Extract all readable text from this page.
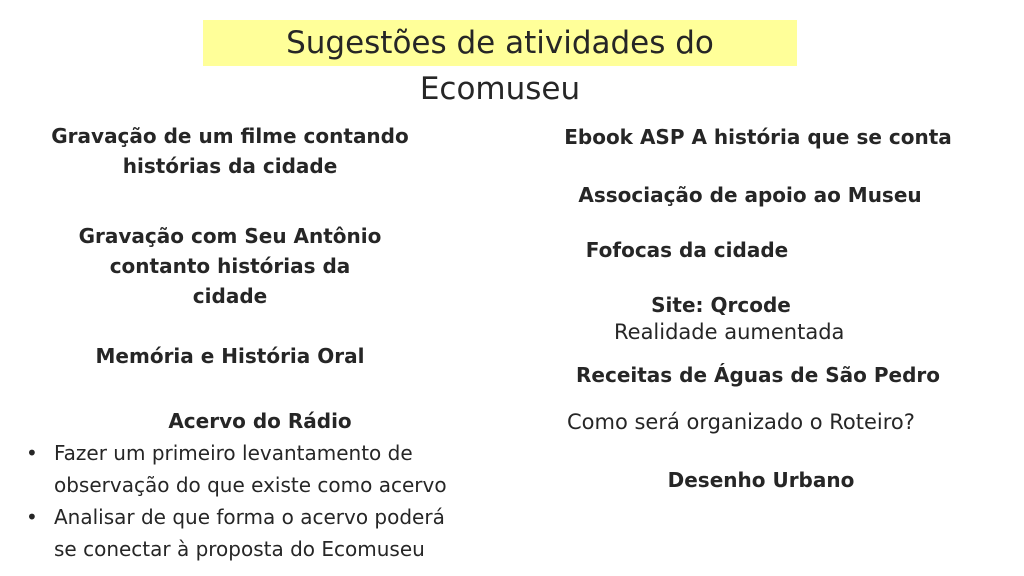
Sugestões de atividades do Ecomuseu
Gravação de um filme contando
histórias da cidade
Gravação com Seu Antônio
contanto histórias da
cidade
Memória e História Oral
Acervo do Rádio
• Fazer um primeiro levantamento de
observação do que existe como acervo
• Analisar de que forma o acervo poderá
se conectar à proposta do Ecomuseu
Ebook ASP A história que se conta
Associação de apoio ao Museu
Fofocas da cidade
Site: Qrcode
Realidade aumentada
Receitas de Águas de São Pedro
Como será organizado o Roteiro?
Desenho Urbano
